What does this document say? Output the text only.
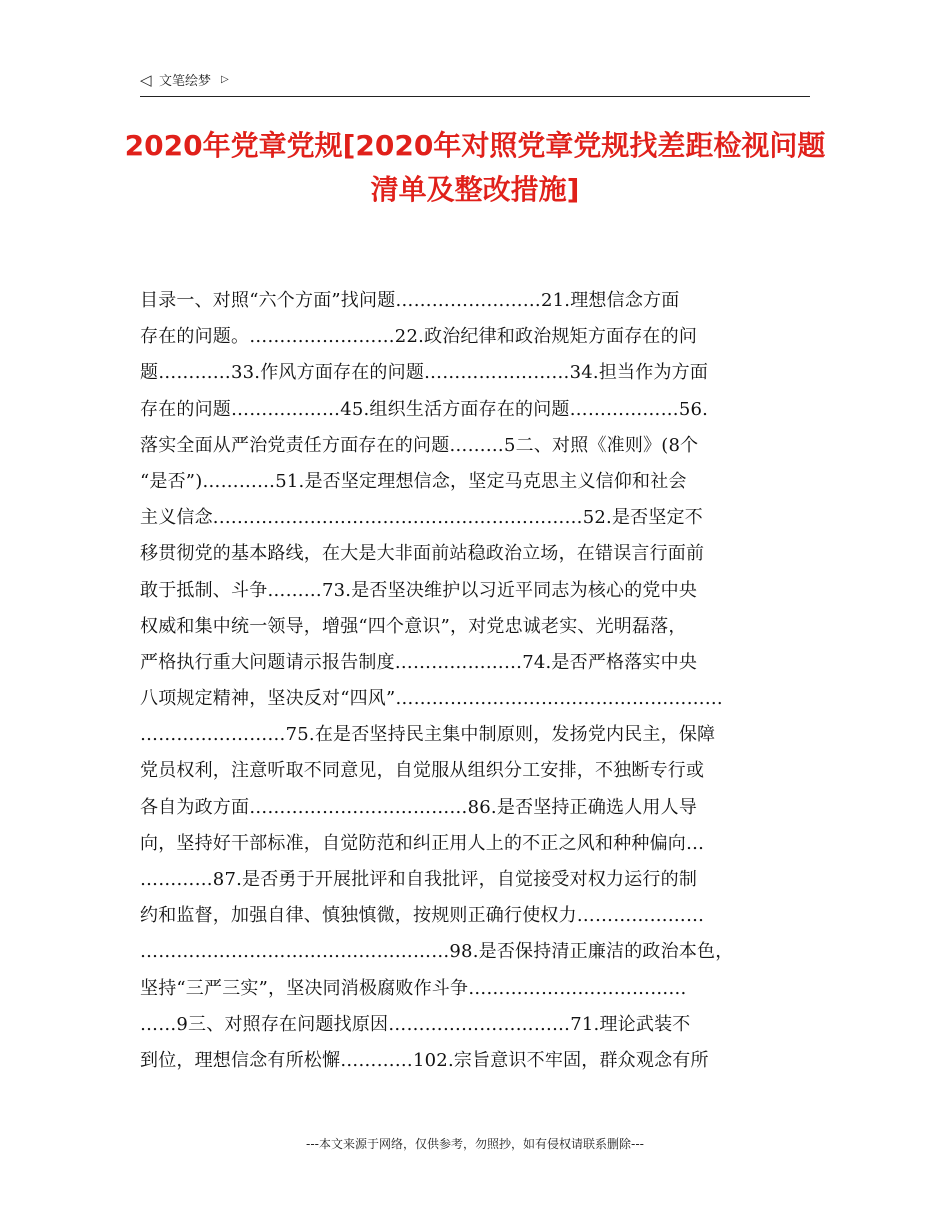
◁ 文笔绘梦 ▷
2020年党章党规[2020年对照党章党规找差距检视问题
清单及整改措施]
目录一、对照“六个方面”找问题……………………21.理想信念方面
存在的问题。……………………22.政治纪律和政治规矩方面存在的问
题…………33.作风方面存在的问题……………………34.担当作为方面
存在的问题………………45.组织生活方面存在的问题………………56.
落实全面从严治党责任方面存在的问题………5二、对照《准则》(8个
“是否”)…………51.是否坚定理想信念，坚定马克思主义信仰和社会
主义信念.……………………………………………………52.是否坚定不
移贯彻党的基本路线，在大是大非面前站稳政治立场，在错误言行面前
敢于抵制、斗争………73.是否坚决维护以习近平同志为核心的党中央
权威和集中统一领导，增强“四个意识”，对党忠诚老实、光明磊落，
严格执行重大问题请示报告制度…………………74.是否严格落实中央
八项规定精神，坚决反对“四风”………………………………………………
……………………75.在是否坚持民主集中制原则，发扬党内民主，保障
党员权利，注意听取不同意见，自觉服从组织分工安排，不独断专行或
各自为政方面………………………………86.是否坚持正确选人用人导
向，坚持好干部标准，自觉防范和纠正用人上的不正之风和种种偏向…
…………87.是否勇于开展批评和自我批评，自觉接受对权力运行的制
约和监督，加强自律、慎独慎微，按规则正确行使权力…………………
……………………………………………98.是否保持清正廉洁的政治本色，
坚持“三严三实”，坚决同消极腐败作斗争………………………………
……9三、对照存在问题找原因…………………………71.理论武装不
到位，理想信念有所松懈…………102.宗旨意识不牢固，群众观念有所
---本文来源于网络，仅供参考，勿照抄，如有侵权请联系删除---
